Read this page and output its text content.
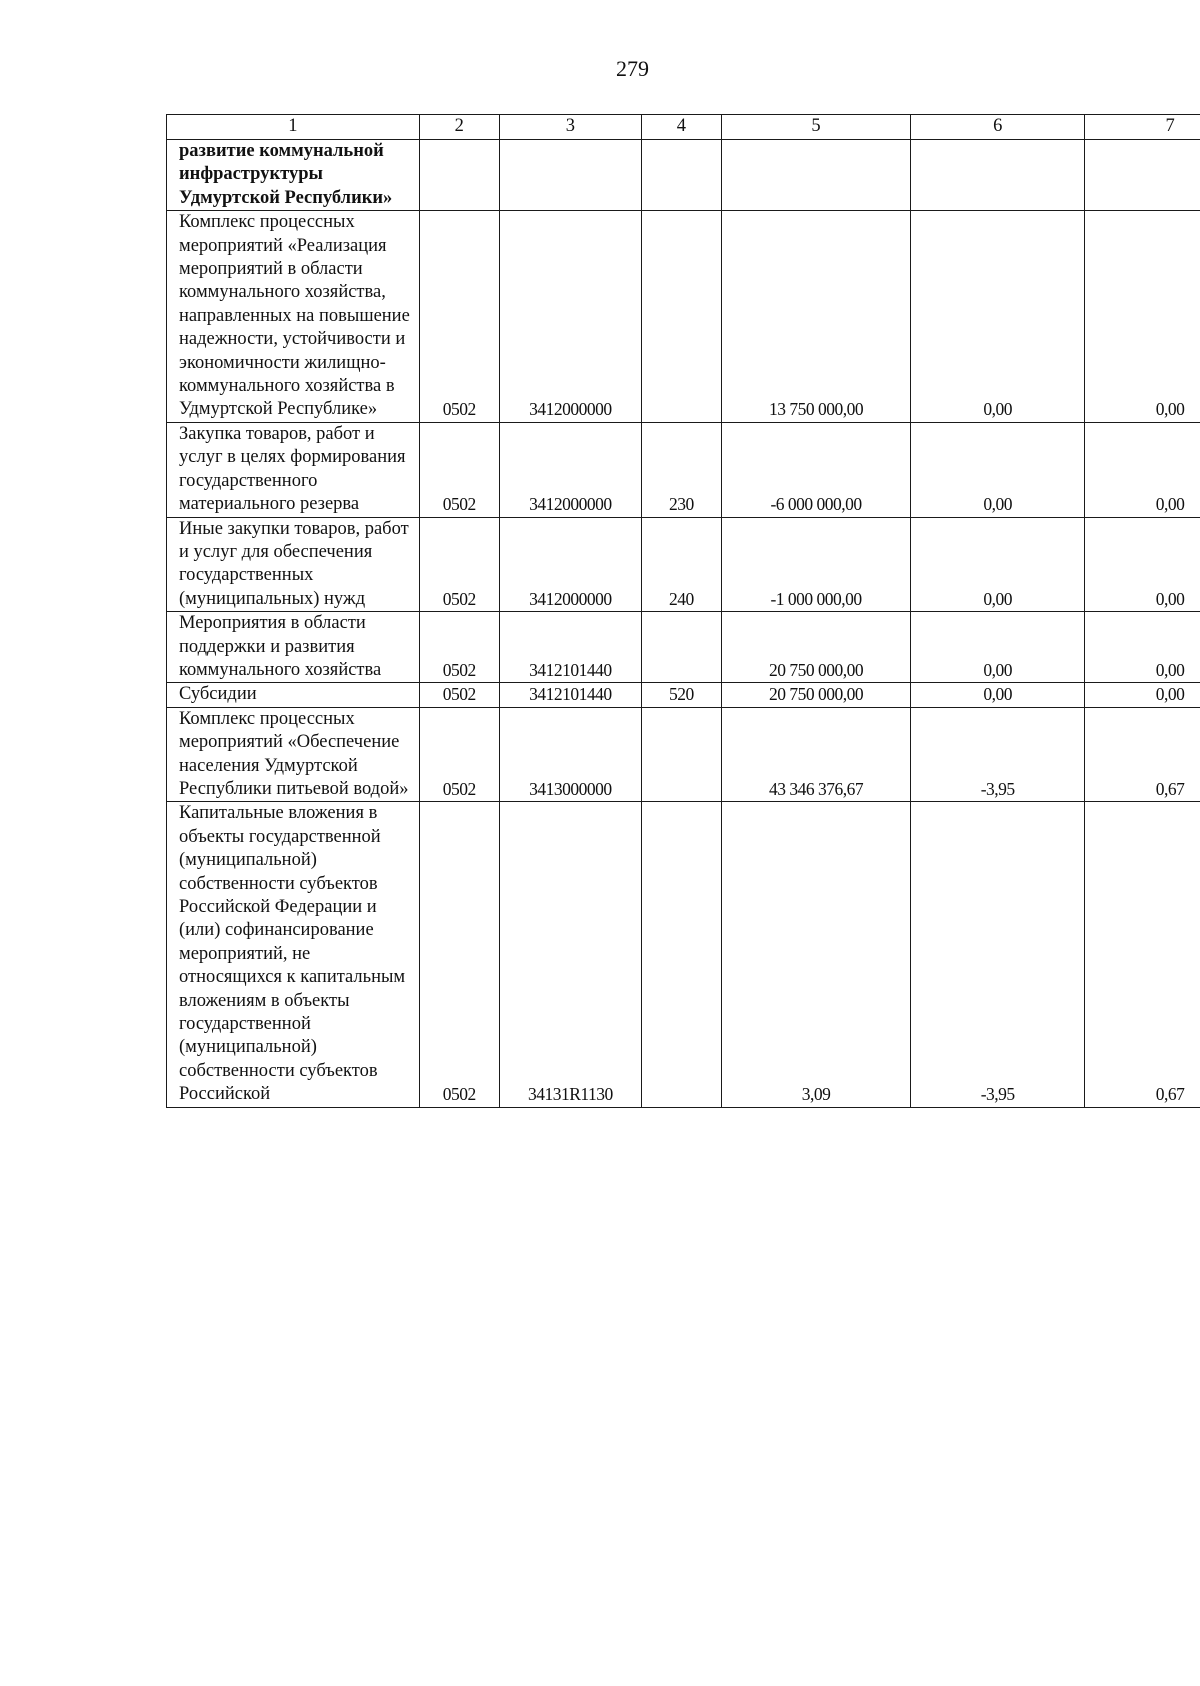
279
1	2	3	4	5	6	7
развитие коммунальной инфраструктуры Удмуртской Республики»						
Комплекс процессных мероприятий «Реализация мероприятий в области коммунального хозяйства, направленных на повышение надежности, устойчивости и экономичности жилищно-коммунального хозяйства в Удмуртской Республике»	0502	3412000000		13 750 000,00	0,00	0,00
Закупка товаров, работ и услуг в целях формирования государственного материального резерва	0502	3412000000	230	-6 000 000,00	0,00	0,00
Иные закупки товаров, работ и услуг для обеспечения государственных (муниципальных) нужд	0502	3412000000	240	-1 000 000,00	0,00	0,00
Мероприятия в области поддержки и развития коммунального хозяйства	0502	3412101440		20 750 000,00	0,00	0,00
Субсидии	0502	3412101440	520	20 750 000,00	0,00	0,00
Комплекс процессных мероприятий «Обеспечение населения Удмуртской Республики питьевой водой»	0502	3413000000		43 346 376,67	-3,95	0,67
Капитальные вложения в объекты государственной (муниципальной) собственности субъектов Российской Федерации и (или) софинансирование мероприятий, не относящихся к капитальным вложениям в объекты государственной (муниципальной) собственности субъектов Российской	0502	34131R1130		3,09	-3,95	0,67
